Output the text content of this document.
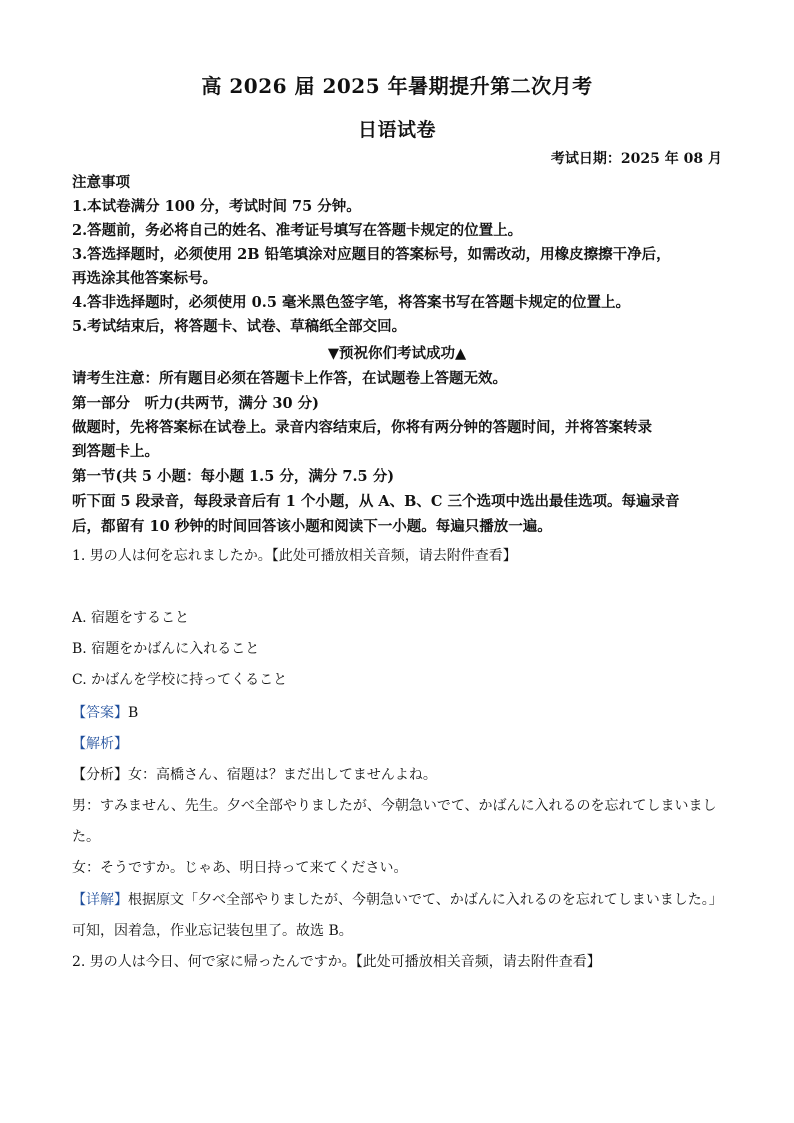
高 2026 届 2025 年暑期提升第二次月考
日语试卷
考试日期：2025 年 08 月
注意事项
1.本试卷满分 100 分，考试时间 75 分钟。
2.答题前，务必将自己的姓名、准考证号填写在答题卡规定的位置上。
3.答选择题时，必须使用 2B 铅笔填涂对应题目的答案标号，如需改动，用橡皮擦擦干净后，
再选涂其他答案标号。
4.答非选择题时，必须使用 0.5 毫米黑色签字笔，将答案书写在答题卡规定的位置上。
5.考试结束后，将答题卡、试卷、草稿纸全部交回。
▼预祝你们考试成功▲
请考生注意：所有题目必须在答题卡上作答，在试题卷上答题无效。
第一部分　听力(共两节，满分 30 分)
做题时，先将答案标在试卷上。录音内容结束后，你将有两分钟的答题时间，并将答案转录
到答题卡上。
第一节(共 5 小题：每小题 1.5 分，满分 7.5 分)
听下面 5 段录音，每段录音后有 1 个小题，从 A、B、C 三个选项中选出最佳选项。每遍录音
后，都留有 10 秒钟的时间回答该小题和阅读下一小题。每遍只播放一遍。
1. 男の人は何を忘れましたか。【此处可播放相关音频，请去附件查看】
A. 宿題をすること
B. 宿題をかばんに入れること
C. かばんを学校に持ってくること
【答案】B
【解析】
【分析】女：高橋さん、宿題は？まだ出してませんよね。
男：すみません、先生。夕べ全部やりましたが、今朝急いでて、かばんに入れるのを忘れてしまいまし
た。
女：そうですか。じゃあ、明日持って来てください。
【详解】根据原文「夕べ全部やりましたが、今朝急いでて、かばんに入れるのを忘れてしまいました。」
可知，因着急，作业忘记装包里了。故选 B。
2. 男の人は今日、何で家に帰ったんですか。【此处可播放相关音频，请去附件查看】
